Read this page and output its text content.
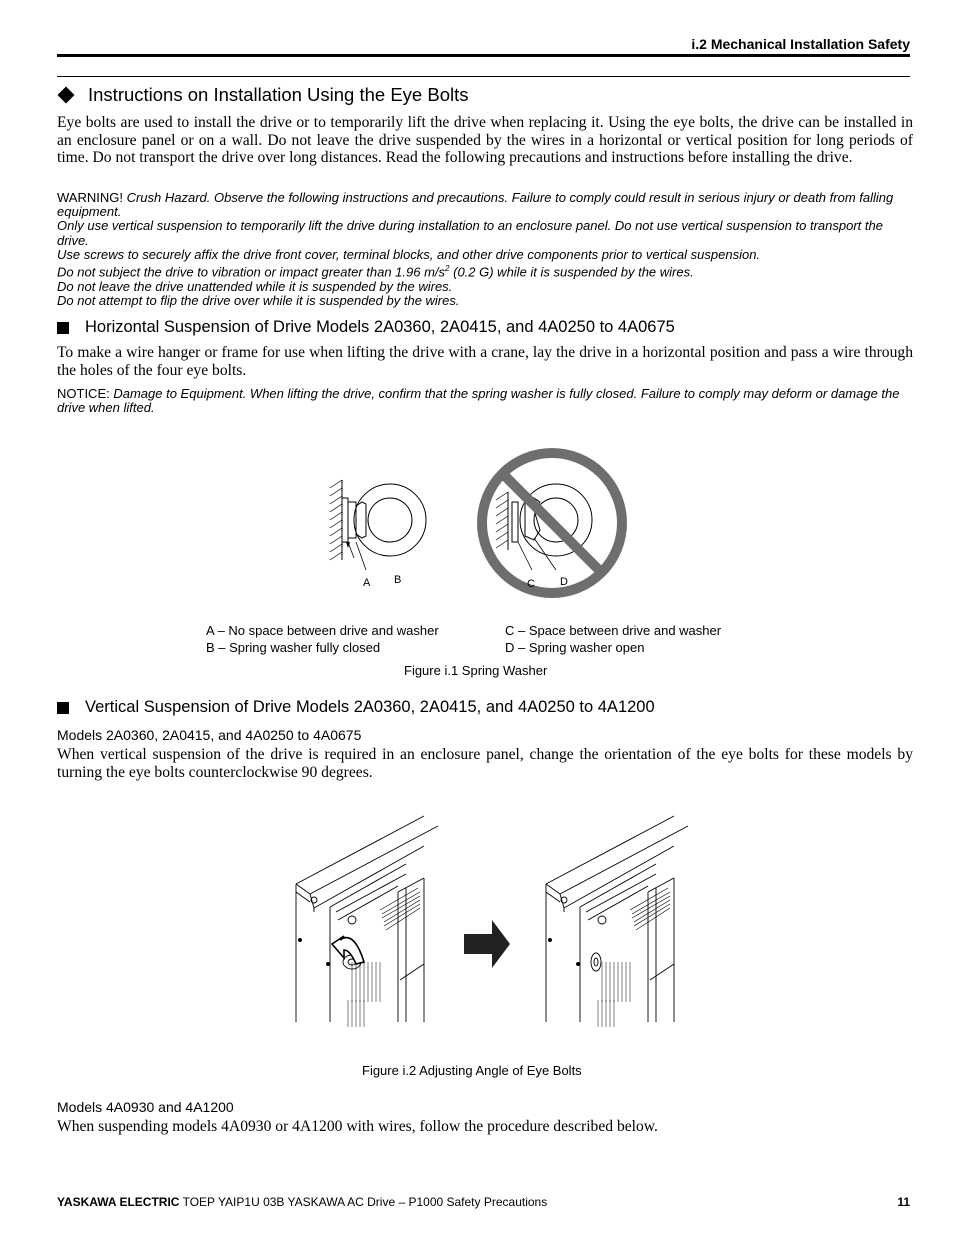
i.2 Mechanical Installation Safety
Instructions on Installation Using the Eye Bolts
Eye bolts are used to install the drive or to temporarily lift the drive when replacing it. Using the eye bolts, the drive can be installed in an enclosure panel or on a wall. Do not leave the drive suspended by the wires in a horizontal or vertical position for long periods of time. Do not transport the drive over long distances. Read the following precautions and instructions before installing the drive.
WARNING! Crush Hazard. Observe the following instructions and precautions. Failure to comply could result in serious injury or death from falling equipment.
Only use vertical suspension to temporarily lift the drive during installation to an enclosure panel. Do not use vertical suspension to transport the drive.
Use screws to securely affix the drive front cover, terminal blocks, and other drive components prior to vertical suspension.
Do not subject the drive to vibration or impact greater than 1.96 $m/s^2$ (0.2 G) while it is suspended by the wires.
Do not leave the drive unattended while it is suspended by the wires.
Do not attempt to flip the drive over while it is suspended by the wires.
Horizontal Suspension of Drive Models 2A0360, 2A0415, and 4A0250 to 4A0675
To make a wire hanger or frame for use when lifting the drive with a crane, lay the drive in a horizontal position and pass a wire through the holes of the four eye bolts.
NOTICE: Damage to Equipment. When lifting the drive, confirm that the spring washer is fully closed. Failure to comply may deform or damage the drive when lifted.
A B	C D
A – No space between drive and washer
B – Spring washer fully closed
C – Space between drive and washer
D – Spring washer open
Figure i.1 Spring Washer
Vertical Suspension of Drive Models 2A0360, 2A0415, and 4A0250 to 4A1200
Models 2A0360, 2A0415, and 4A0250 to 4A0675
When vertical suspension of the drive is required in an enclosure panel, change the orientation of the eye bolts for these models by turning the eye bolts counterclockwise 90 degrees.
Figure i.2 Adjusting Angle of Eye Bolts
Models 4A0930 and 4A1200
When suspending models 4A0930 or 4A1200 with wires, follow the procedure described below.
YASKAWA ELECTRIC TOEP YAIP1U 03B YASKAWA AC Drive – P1000 Safety Precautions	11
